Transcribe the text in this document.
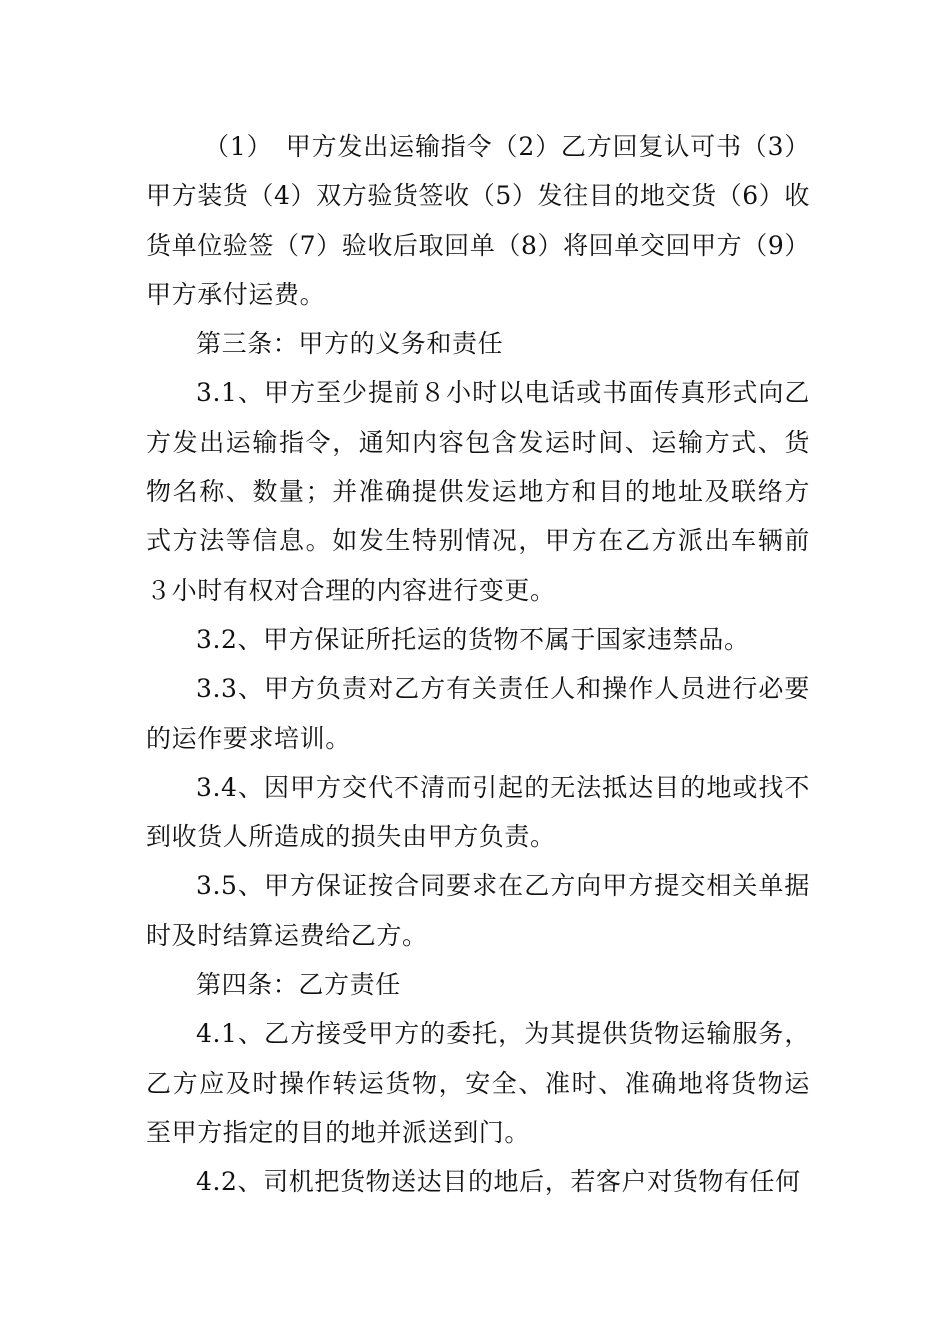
（1）　甲方发出运输指令（2）乙方回复认可书（3）甲方装货（4）双方验货签收（5）发往目的地交货（6）收货单位验签（7）验收后取回单（8）将回单交回甲方（9）甲方承付运费。

第三条：甲方的义务和责任

3.1、甲方至少提前８小时以电话或书面传真形式向乙方发出运输指令，通知内容包含发运时间、运输方式、货物名称、数量；并准确提供发运地方和目的地址及联络方式方法等信息。如发生特别情况，甲方在乙方派出车辆前３小时有权对合理的内容进行变更。

3.2、甲方保证所托运的货物不属于国家违禁品。

3.3、甲方负责对乙方有关责任人和操作人员进行必要的运作要求培训。

3.4、因甲方交代不清而引起的无法抵达目的地或找不到收货人所造成的损失由甲方负责。

3.5、甲方保证按合同要求在乙方向甲方提交相关单据时及时结算运费给乙方。

第四条：乙方责任

4.1、乙方接受甲方的委托，为其提供货物运输服务，乙方应及时操作转运货物，安全、准时、准确地将货物运至甲方指定的目的地并派送到门。

4.2、司机把货物送达目的地后，若客户对货物有任何
